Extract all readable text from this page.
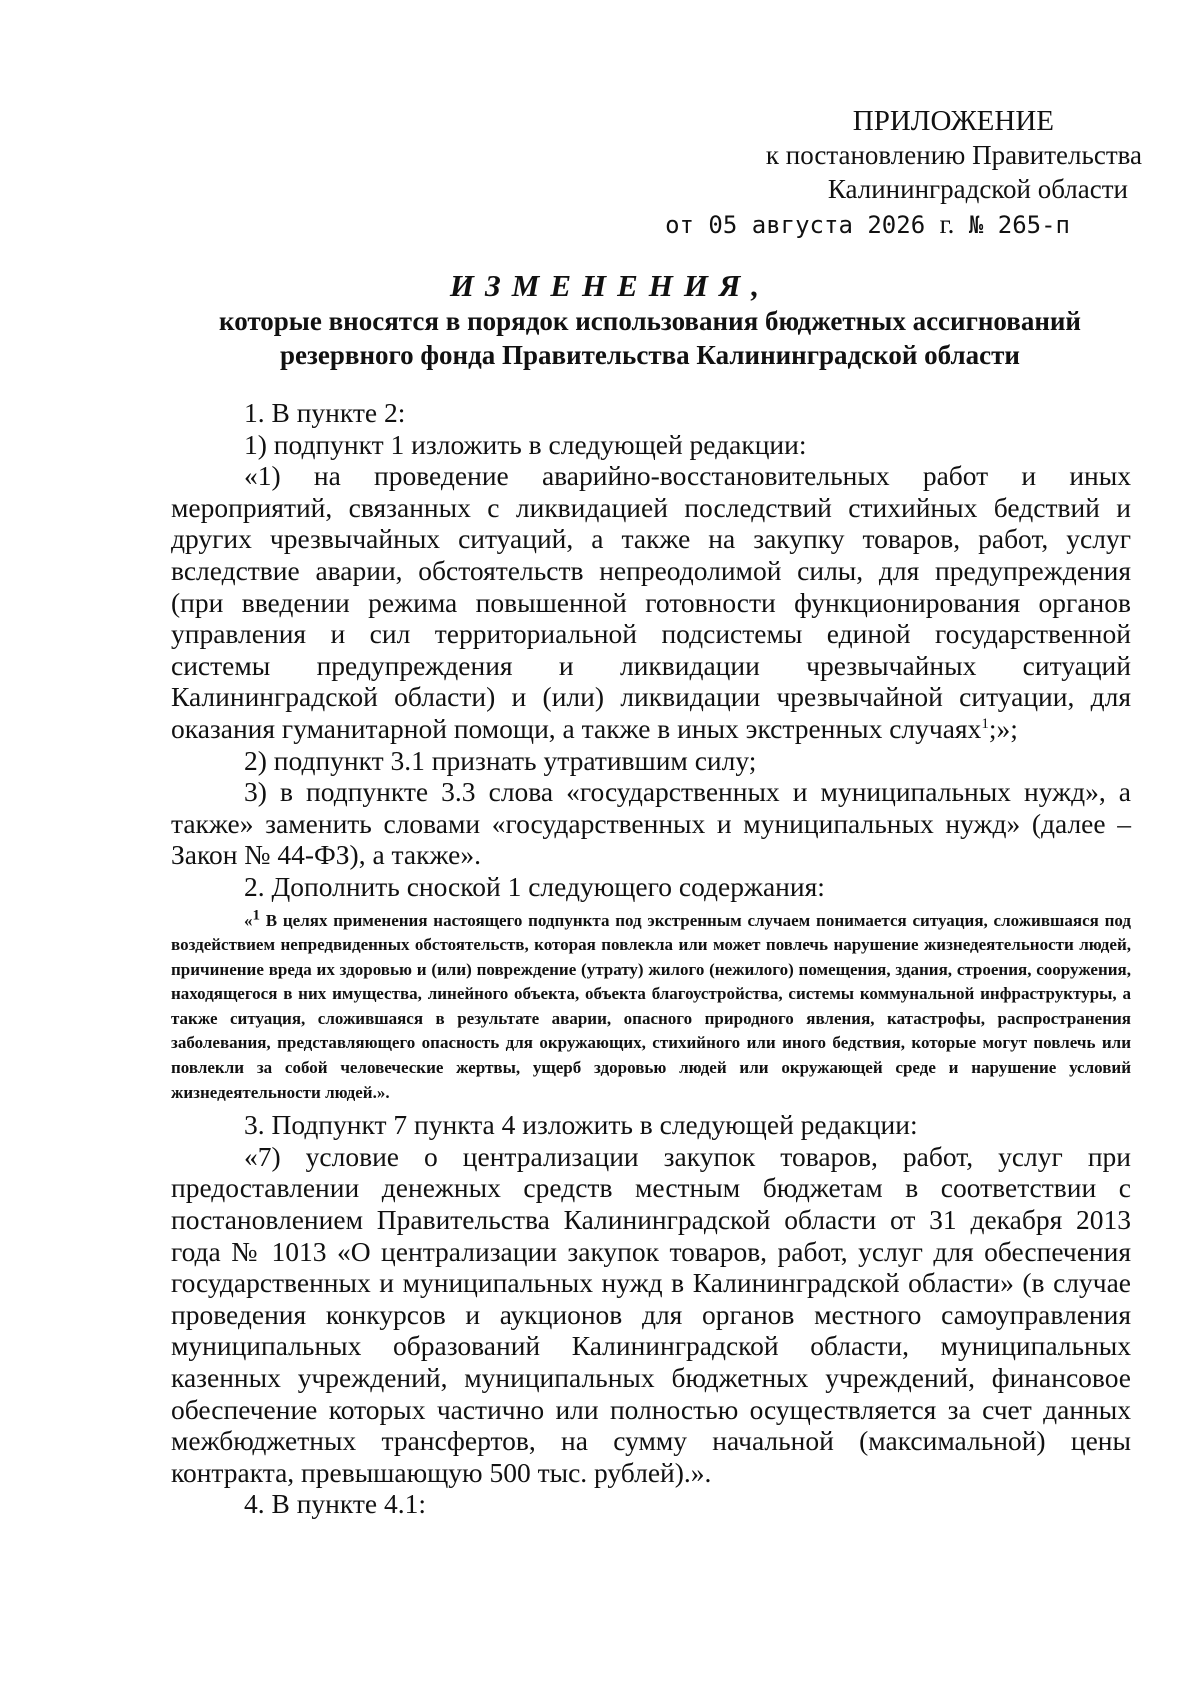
ПРИЛОЖЕНИЕ
к постановлению Правительства
Калининградской области
от 05 августа 2026 г. № 265-п
ИЗМЕНЕНИЯ,
которые вносятся в порядок использования бюджетных ассигнований резервного фонда Правительства Калининградской области

1. В пункте 2:

1) подпункт 1 изложить в следующей редакции:

«1) на проведение аварийно-восстановительных работ и иных мероприятий, связанных с ликвидацией последствий стихийных бедствий и других чрезвычайных ситуаций, а также на закупку товаров, работ, услуг вследствие аварии, обстоятельств непреодолимой силы, для предупреждения (при введении режима повышенной готовности функционирования органов управления и сил территориальной подсистемы единой государственной системы предупреждения и ликвидации чрезвычайных ситуаций Калининградской области) и (или) ликвидации чрезвычайной ситуации, для оказания гуманитарной помощи, а также в иных экстренных случаях$^1$;»;

2) подпункт 3.1 признать утратившим силу;

3) в подпункте 3.3 слова «государственных и муниципальных нужд», а также» заменить словами «государственных и муниципальных нужд» (далее – Закон № 44-ФЗ), а также».

2. Дополнить сноской 1 следующего содержания:

«$^1$ В целях применения настоящего подпункта под экстренным случаем понимается ситуация, сложившаяся под воздействием непредвиденных обстоятельств, которая повлекла или может повлечь нарушение жизнедеятельности людей, причинение вреда их здоровью и (или) повреждение (утрату) жилого (нежилого) помещения, здания, строения, сооружения, находящегося в них имущества, линейного объекта, объекта благоустройства, системы коммунальной инфраструктуры, а также ситуация, сложившаяся в результате аварии, опасного природного явления, катастрофы, распространения заболевания, представляющего опасность для окружающих, стихийного или иного бедствия, которые могут повлечь или повлекли за собой человеческие жертвы, ущерб здоровью людей или окружающей среде и нарушение условий жизнедеятельности людей.».

3. Подпункт 7 пункта 4 изложить в следующей редакции:

«7) условие о централизации закупок товаров, работ, услуг при предоставлении денежных средств местным бюджетам в соответствии с постановлением Правительства Калининградской области от 31 декабря 2013 года № 1013 «О централизации закупок товаров, работ, услуг для обеспечения государственных и муниципальных нужд в Калининградской области» (в случае проведения конкурсов и аукционов для органов местного самоуправления муниципальных образований Калининградской области, муниципальных казенных учреждений, муниципальных бюджетных учреждений, финансовое обеспечение которых частично или полностью осуществляется за счет данных межбюджетных трансфертов, на сумму начальной (максимальной) цены контракта, превышающую 500 тыс. рублей).».

4. В пункте 4.1:
